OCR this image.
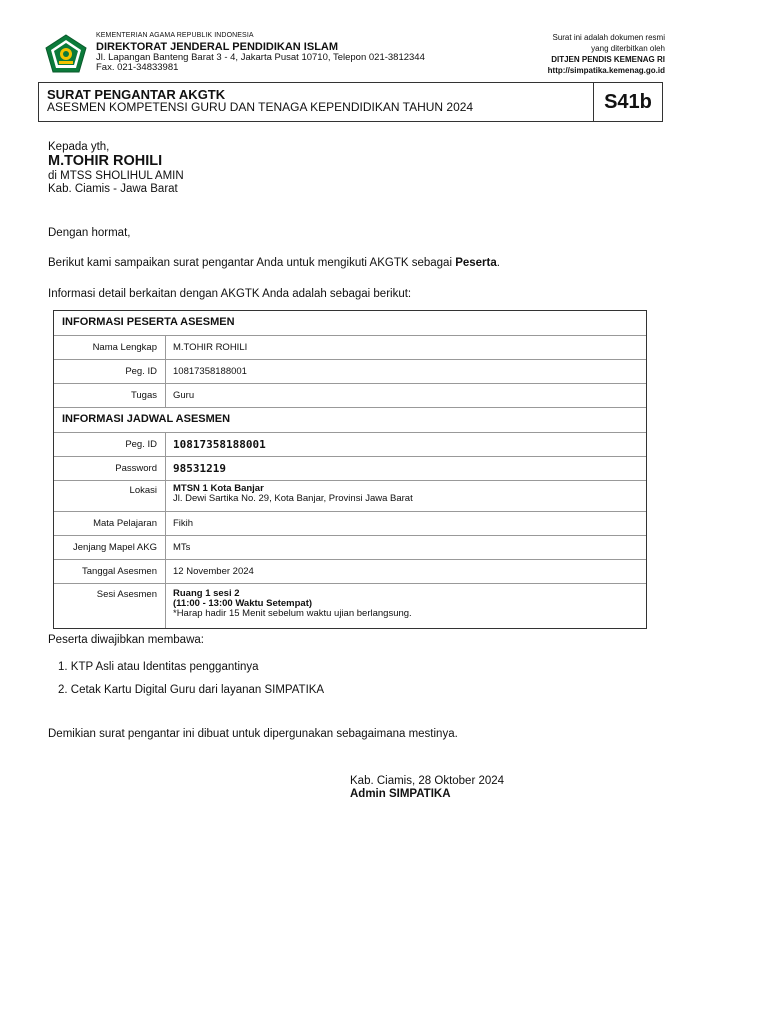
KEMENTERIAN AGAMA REPUBLIK INDONESIA
DIREKTORAT JENDERAL PENDIDIKAN ISLAM
Jl. Lapangan Banteng Barat 3 - 4, Jakarta Pusat 10710, Telepon 021-3812344
Fax. 021-34833981
Surat ini adalah dokumen resmi
yang diterbitkan oleh
DITJEN PENDIS KEMENAG RI
http://simpatika.kemenag.go.id
SURAT PENGANTAR AKGTK
ASESMEN KOMPETENSI GURU DAN TENAGA KEPENDIDIKAN TAHUN 2024	S41b
Kepada yth,
M.TOHIR ROHILI
di MTSS SHOLIHUL AMIN
Kab. Ciamis - Jawa Barat
Dengan hormat,
Berikut kami sampaikan surat pengantar Anda untuk mengikuti AKGTK sebagai Peserta.
Informasi detail berkaitan dengan AKGTK Anda adalah sebagai berikut:
INFORMASI PESERTA ASESMEN
Nama Lengkap	M.TOHIR ROHILI
Peg. ID	10817358188001
Tugas	Guru
INFORMASI JADWAL ASESMEN
Peg. ID	10817358188001
Password	98531219
Lokasi	MTSN 1 Kota Banjar
Jl. Dewi Sartika No. 29, Kota Banjar, Provinsi Jawa Barat
Mata Pelajaran	Fikih
Jenjang Mapel AKG	MTs
Tanggal Asesmen	12 November 2024
Sesi Asesmen	Ruang 1 sesi 2
(11:00 - 13:00 Waktu Setempat)
*Harap hadir 15 Menit sebelum waktu ujian berlangsung.
Peserta diwajibkan membawa:
1. KTP Asli atau Identitas penggantinya
2. Cetak Kartu Digital Guru dari layanan SIMPATIKA
Demikian surat pengantar ini dibuat untuk dipergunakan sebagaimana mestinya.
Kab. Ciamis, 28 Oktober 2024
Admin SIMPATIKA
